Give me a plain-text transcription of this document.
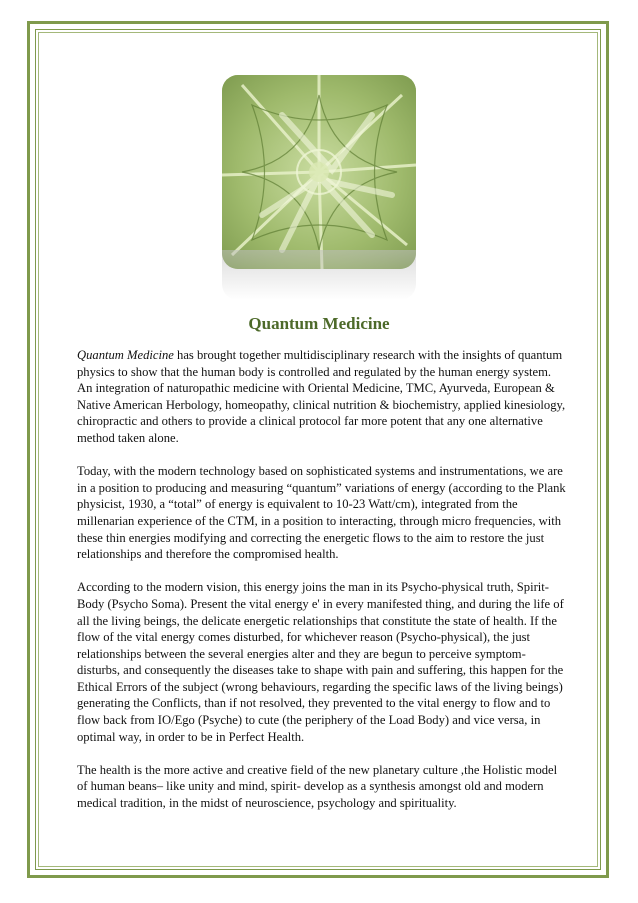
Quantum Medicine

Quantum Medicine has brought together multidisciplinary research with the insights of quantum physics to show that the human body is controlled and regulated by the human energy system. An integration of naturopathic medicine with Oriental Medicine, TMC, Ayurveda, European & Native American Herbology, homeopathy, clinical nutrition & biochemistry, applied kinesiology, chiropractic and others to provide a clinical protocol far more potent that any one alternative method taken alone.

Today, with the modern technology based on sophisticated systems and instrumentations, we are in a position to producing and measuring “quantum” variations of energy (according to the Plank physicist, 1930, a “total” of energy is equivalent to 10-23 Watt/cm), integrated from the millenarian experience of the CTM, in a position to interacting, through micro frequencies, with these thin energies modifying and correcting the energetic flows to the aim to restore the just relationships and therefore the compromised health.

According to the modern vision, this energy joins the man in its Psycho-physical truth, Spirit-Body (Psycho Soma). Present the vital energy e' in every manifested thing, and during the life of all the living beings, the delicate energetic relationships that constitute the state of health. If the flow of the vital energy comes disturbed, for whichever reason (Psycho-physical), the just relationships between the several energies alter and they are begun to perceive symptom-disturbs, and consequently the diseases take to shape with pain and suffering, this happen for the Ethical Errors of the subject (wrong behaviours, regarding the specific laws of the living beings) generating the Conflicts, than if not resolved, they prevented to the vital energy to flow and to flow back from IO/Ego (Psyche) to cute (the periphery of the Load Body) and vice versa, in optimal way, in order to be in Perfect Health.

The health is the more active and creative field of the new planetary culture ,the Holistic model of human beans– like unity and mind, spirit- develop as a synthesis amongst old and modern medical tradition, in the midst of neuroscience, psychology and spirituality.
